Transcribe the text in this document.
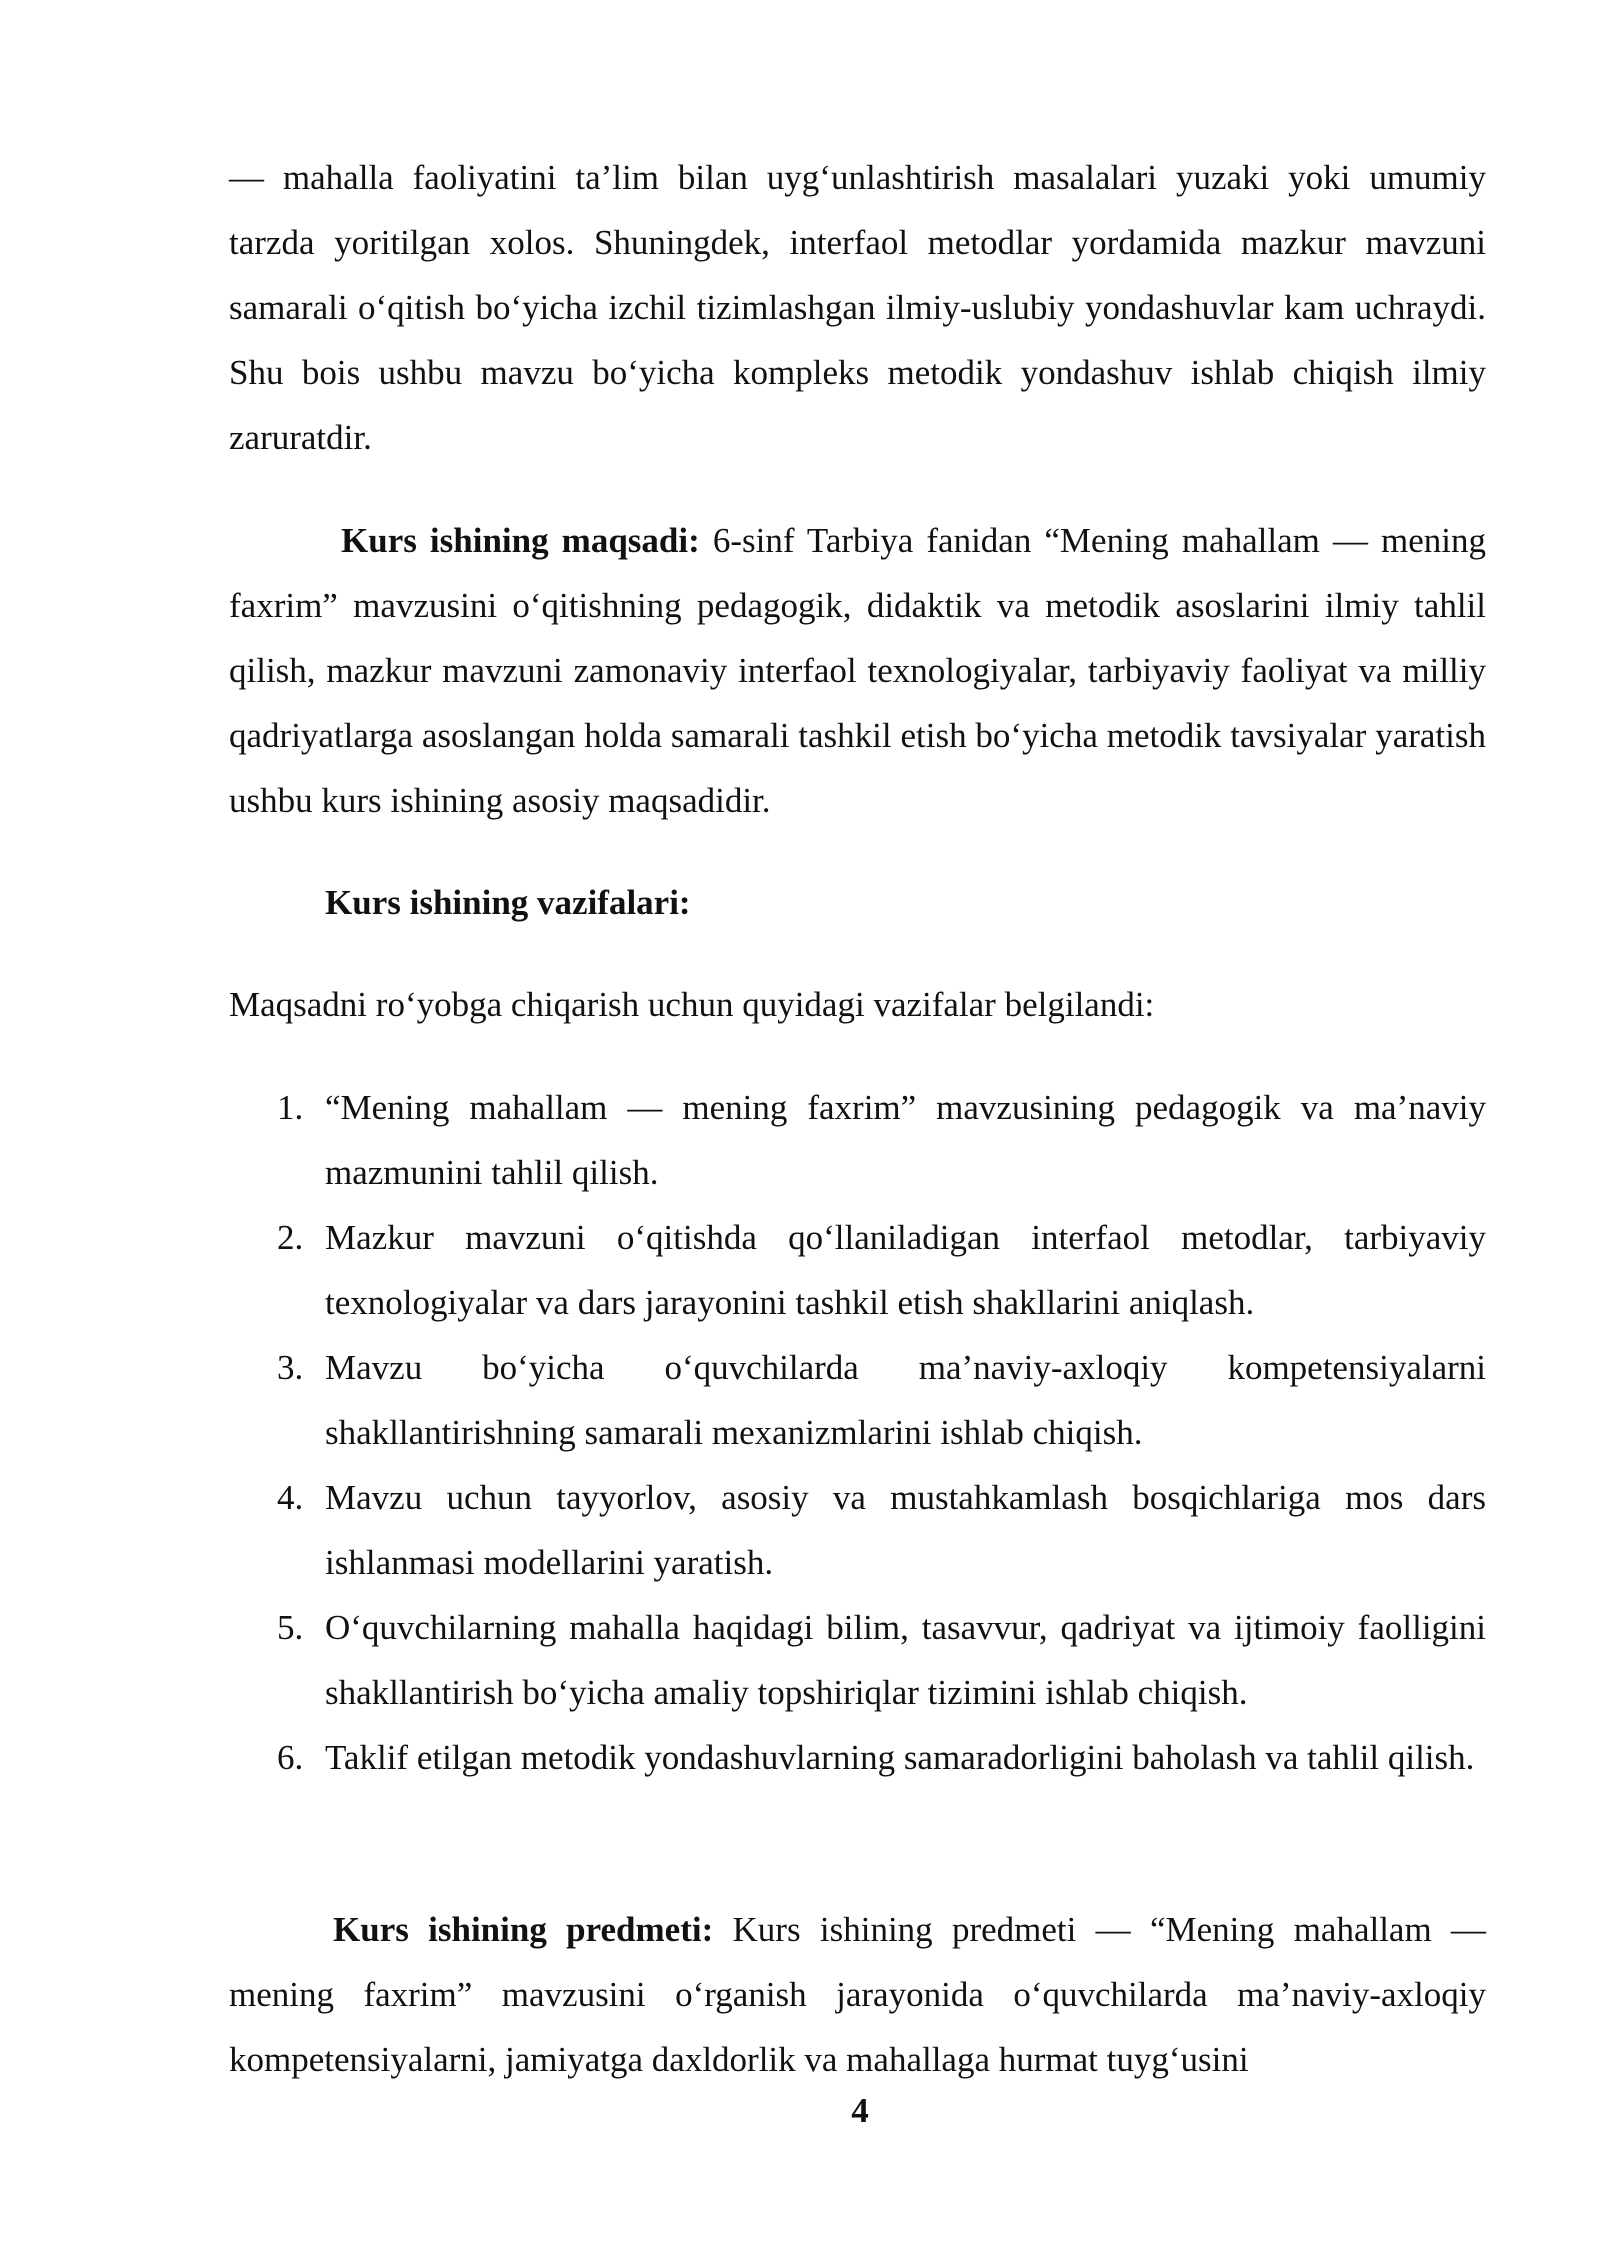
— mahalla faoliyatini ta’lim bilan uyg‘unlashtirish masalalari yuzaki yoki umumiy tarzda yoritilgan xolos. Shuningdek, interfaol metodlar yordamida mazkur mavzuni samarali o‘qitish bo‘yicha izchil tizimlashgan ilmiy-uslubiy yondashuvlar kam uchraydi. Shu bois ushbu mavzu bo‘yicha kompleks metodik yondashuv ishlab chiqish ilmiy zaruratdir.

Kurs ishining maqsadi: 6-sinf Tarbiya fanidan “Mening mahallam — mening faxrim” mavzusini o‘qitishning pedagogik, didaktik va metodik asoslarini ilmiy tahlil qilish, mazkur mavzuni zamonaviy interfaol texnologiyalar, tarbiyaviy faoliyat va milliy qadriyatlarga asoslangan holda samarali tashkil etish bo‘yicha metodik tavsiyalar yaratish ushbu kurs ishining asosiy maqsadidir.

Kurs ishining vazifalari:

Maqsadni ro‘yobga chiqarish uchun quyidagi vazifalar belgilandi:

1. “Mening mahallam — mening faxrim” mavzusining pedagogik va ma’naviy mazmunini tahlil qilish.
2. Mazkur mavzuni o‘qitishda qo‘llaniladigan interfaol metodlar, tarbiyaviy texnologiyalar va dars jarayonini tashkil etish shakllarini aniqlash.
3. Mavzu bo‘yicha o‘quvchilarda ma’naviy-axloqiy kompetensiyalarni shakllantirishning samarali mexanizmlarini ishlab chiqish.
4. Mavzu uchun tayyorlov, asosiy va mustahkamlash bosqichlariga mos dars ishlanmasi modellarini yaratish.
5. O‘quvchilarning mahalla haqidagi bilim, tasavvur, qadriyat va ijtimoiy faolligini shakllantirish bo‘yicha amaliy topshiriqlar tizimini ishlab chiqish.
6. Taklif etilgan metodik yondashuvlarning samaradorligini baholash va tahlil qilish.

Kurs ishining predmeti: Kurs ishining predmeti — “Mening mahallam — mening faxrim” mavzusini o‘rganish jarayonida o‘quvchilarda ma’naviy-axloqiy kompetensiyalarni, jamiyatga daxldorlik va mahallaga hurmat tuyg‘usini

4
